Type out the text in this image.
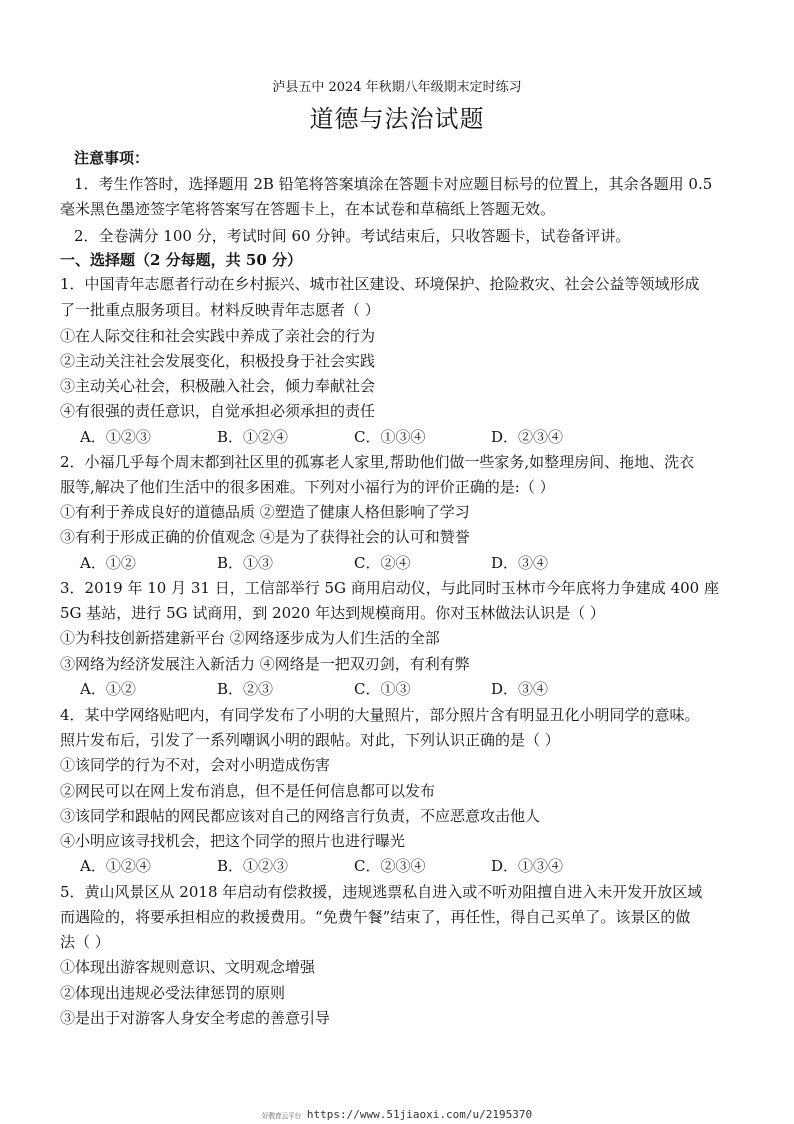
泸县五中 2024 年秋期八年级期末定时练习
道德与法治试题
注意事项：
1．考生作答时，选择题用 2B 铅笔将答案填涂在答题卡对应题目标号的位置上，其余各题用 0.5
毫米黑色墨迹签字笔将答案写在答题卡上，在本试卷和草稿纸上答题无效。
2．全卷满分 100 分，考试时间 60 分钟。考试结束后，只收答题卡，试卷备评讲。
一、选择题（2 分每题，共 50 分）
1．中国青年志愿者行动在乡村振兴、城市社区建设、环境保护、抢险救灾、社会公益等领域形成
了一批重点服务项目。材料反映青年志愿者（ ）
①在人际交往和社会实践中养成了亲社会的行为
②主动关注社会发展变化，积极投身于社会实践
③主动关心社会，积极融入社会，倾力奉献社会
④有很强的责任意识，自觉承担必须承担的责任
A．①②③	B．①②④	C．①③④	D．②③④
2．小福几乎每个周末都到社区里的孤寡老人家里,帮助他们做一些家务,如整理房间、拖地、洗衣
服等,解决了他们生活中的很多困难。下列对小福行为的评价正确的是:（ ）
①有利于养成良好的道德品质 ②塑造了健康人格但影响了学习
③有利于形成正确的价值观念 ④是为了获得社会的认可和赞誉
A．①②	B．①③	C．②④	D．③④
3．2019 年 10 月 31 日，工信部举行 5G 商用启动仪，与此同时玉林市今年底将力争建成 400 座
5G 基站，进行 5G 试商用，到 2020 年达到规模商用。你对玉林做法认识是（ ）
①为科技创新搭建新平台 ②网络逐步成为人们生活的全部
③网络为经济发展注入新活力 ④网络是一把双刃剑，有利有弊
A．①②	B．②③	C．①③	D．③④
4．某中学网络贴吧内，有同学发布了小明的大量照片，部分照片含有明显丑化小明同学的意味。
照片发布后，引发了一系列嘲讽小明的跟帖。对此，下列认识正确的是（ ）
①该同学的行为不对，会对小明造成伤害
②网民可以在网上发布消息，但不是任何信息都可以发布
③该同学和跟帖的网民都应该对自己的网络言行负责，不应恶意攻击他人
④小明应该寻找机会，把这个同学的照片也进行曝光
A．①②④	B．①②③	C．②③④	D．①③④
5．黄山风景区从 2018 年启动有偿救援，违规逃票私自进入或不听劝阻擅自进入未开发开放区域
而遇险的，将要承担相应的救援费用。“免费午餐”结束了，再任性，得自己买单了。该景区的做
法（ ）
①体现出游客规则意识、文明观念增强
②体现出违规必受法律惩罚的原则
③是出于对游客人身安全考虑的善意引导
好教育云平台 https://www.51jiaoxi.com/u/2195370
